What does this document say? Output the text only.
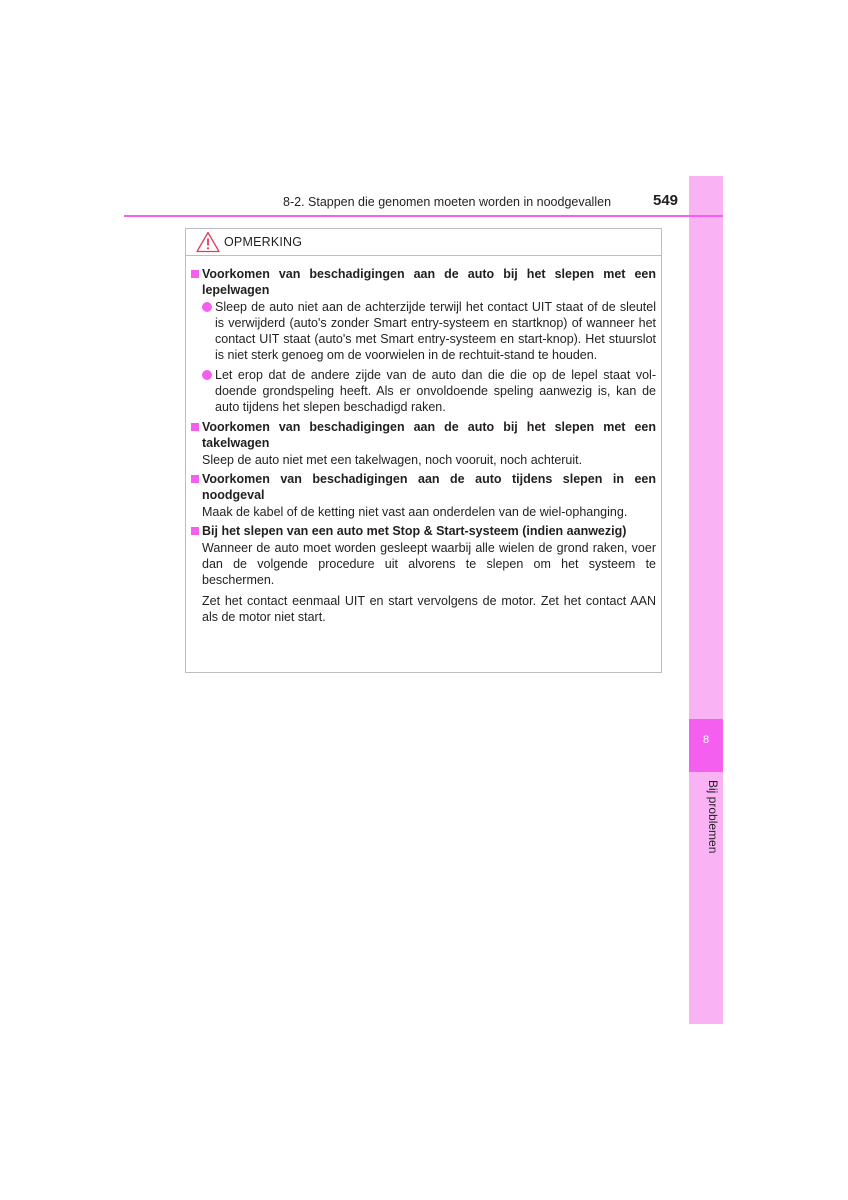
8
Bij problemen
8-2. Stappen die genomen moeten worden in noodgevallen	549
OPMERKING
Voorkomen van beschadigingen aan de auto bij het slepen met een lepelwagen
Sleep de auto niet aan de achterzijde terwijl het contact UIT staat of de sleutel is verwijderd (auto's zonder Smart entry-systeem en startknop) of wanneer het contact UIT staat (auto's met Smart entry-systeem en start-knop). Het stuurslot is niet sterk genoeg om de voorwielen in de rechtuit-stand te houden.
Let erop dat de andere zijde van de auto dan die die op de lepel staat vol-doende grondspeling heeft. Als er onvoldoende speling aanwezig is, kan de auto tijdens het slepen beschadigd raken.
Voorkomen van beschadigingen aan de auto bij het slepen met een takelwagen
Sleep de auto niet met een takelwagen, noch vooruit, noch achteruit.
Voorkomen van beschadigingen aan de auto tijdens slepen in een noodgeval
Maak de kabel of de ketting niet vast aan onderdelen van de wiel-ophanging.
Bij het slepen van een auto met Stop & Start-systeem (indien aanwezig)
Wanneer de auto moet worden gesleept waarbij alle wielen de grond raken, voer dan de volgende procedure uit alvorens te slepen om het systeem te beschermen.
Zet het contact eenmaal UIT en start vervolgens de motor. Zet het contact AAN als de motor niet start.
